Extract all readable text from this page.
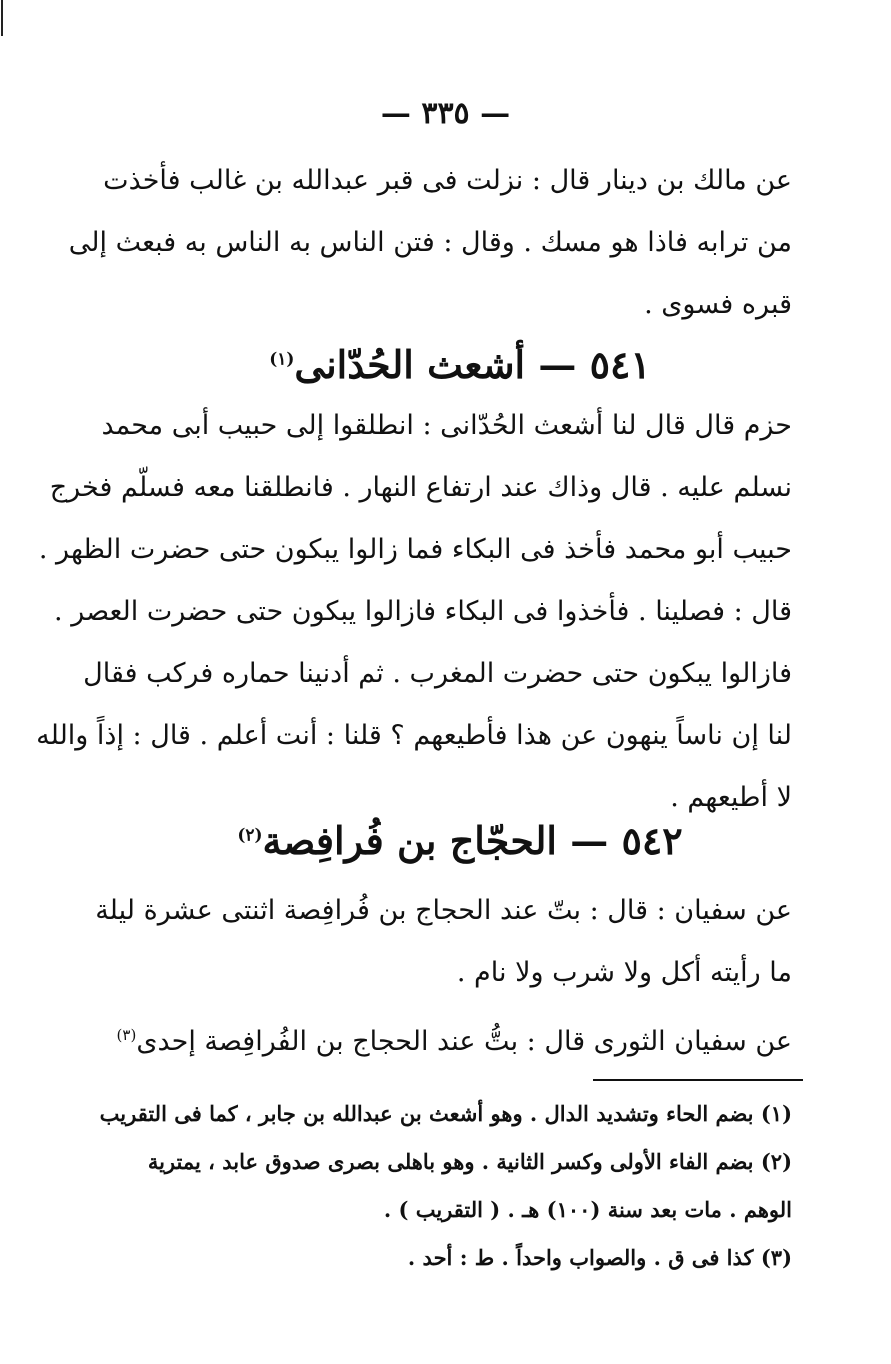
— ٣٣٥ —
عن مالك بن دينار قال : نزلت فى قبر عبدالله بن غالب فأخذت
من ترابه فاذا هو مسك . وقال : فتن الناس به الناس به فبعث إلى
قبره فسوى .
٥٤١ — أشعث الحُدّانى$^{(١)}$
حزم قال قال لنا أشعث الحُدّانى : انطلقوا إلى حبيب أبى محمد
نسلم عليه . قال وذاك عند ارتفاع النهار . فانطلقنا معه فسلّم فخرج
حبيب أبو محمد فأخذ فى البكاء فما زالوا يبكون حتى حضرت الظهر .
قال : فصلينا . فأخذوا فى البكاء فازالوا يبكون حتى حضرت العصر .
فازالوا يبكون حتى حضرت المغرب . ثم أدنينا حماره فركب فقال
لنا إن ناساً ينهون عن هذا فأطيعهم ؟ قلنا : أنت أعلم . قال : إذاً والله
لا أطيعهم .
٥٤٢ — الحجّاج بن فُرافِصة$^{(٢)}$
عن سفيان : قال : بتّ عند الحجاج بن فُرافِصة اثنتى عشرة ليلة
ما رأيته أكل ولا شرب ولا نام .
عن سفيان الثورى قال : بتُّ عند الحجاج بن الفُرافِصة إحدى$^{(٣)}$
(١) بضم الحاء وتشديد الدال . وهو أشعث بن عبدالله بن جابر ، كما فى التقريب
(٢) بضم الفاء الأولى وكسر الثانية . وهو باهلى بصرى صدوق عابد ، يمترية
الوهم . مات بعد سنة (١٠٠) هـ . ( التقريب ) .
(٣) كذا فى ق . والصواب واحداً . ط : أحد .
